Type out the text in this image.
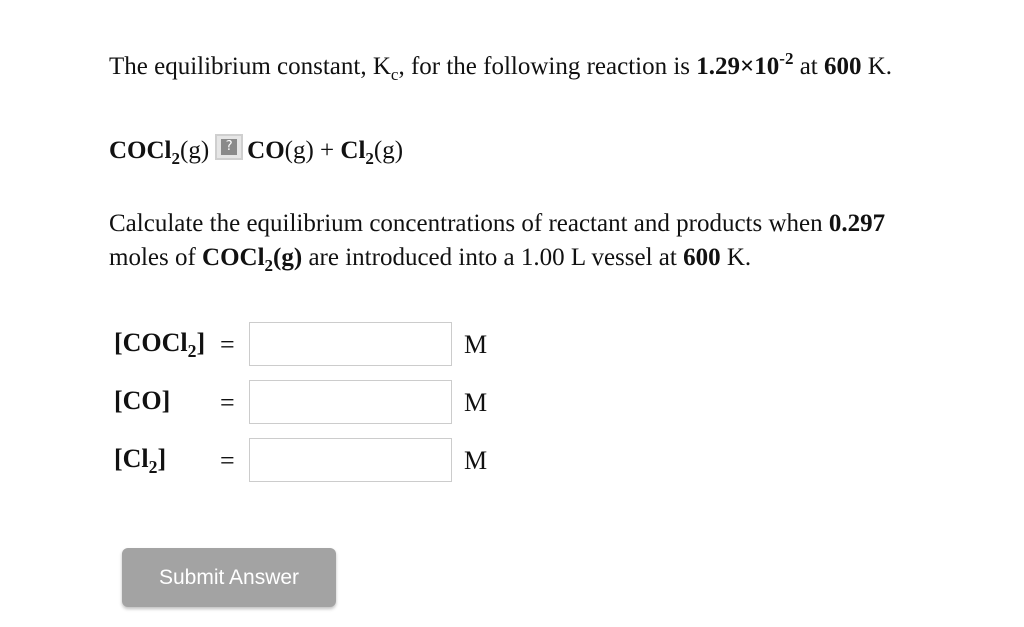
The equilibrium constant, $K_c$, for the following reaction is $1.29\times 10^{-2}$ at 600 K.
COCl$_2$ (g)	? CO $(g) + Cl_2$ (g)
Calculate the equilibrium concentrations of reactant and products when 0.297
moles of COCl$_2$(g) are introduced into a 1.00 L vessel at 600 K.
[COCl$_2$] =	M
[CO] =	M
$[Cl_2]$ =	M
Submit Answer
